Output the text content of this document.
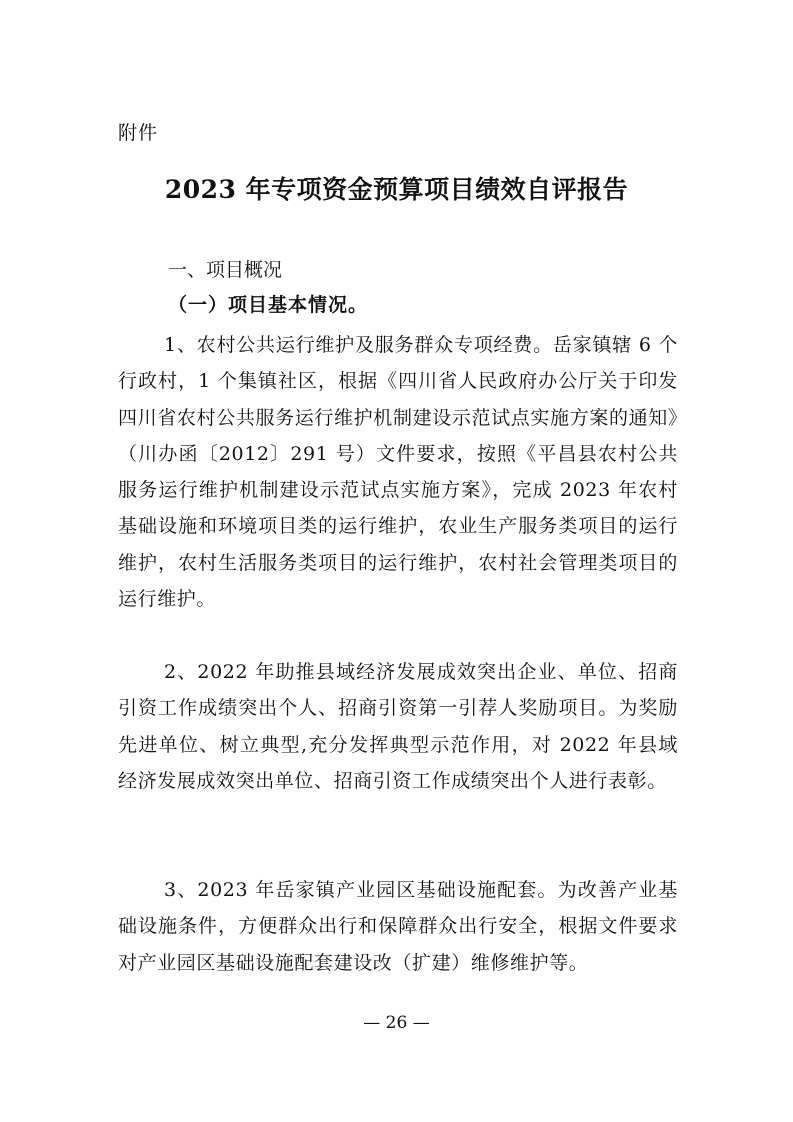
附件
2023 年专项资金预算项目绩效自评报告
一、项目概况
（一）项目基本情况。
1、农村公共运行维护及服务群众专项经费。岳家镇辖 6 个行政村，1 个集镇社区，根据《四川省人民政府办公厅关于印发四川省农村公共服务运行维护机制建设示范试点实施方案的通知》（川办函〔2012〕291 号）文件要求，按照《平昌县农村公共服务运行维护机制建设示范试点实施方案》，完成 2023 年农村基础设施和环境项目类的运行维护，农业生产服务类项目的运行维护，农村生活服务类项目的运行维护，农村社会管理类项目的运行维护。
2、2022 年助推县域经济发展成效突出企业、单位、招商引资工作成绩突出个人、招商引资第一引荐人奖励项目。为奖励先进单位、树立典型,充分发挥典型示范作用，对 2022 年县域经济发展成效突出单位、招商引资工作成绩突出个人进行表彰。
3、2023 年岳家镇产业园区基础设施配套。为改善产业基础设施条件，方便群众出行和保障群众出行安全，根据文件要求对产业园区基础设施配套建设改（扩建）维修维护等。
— 26 —
